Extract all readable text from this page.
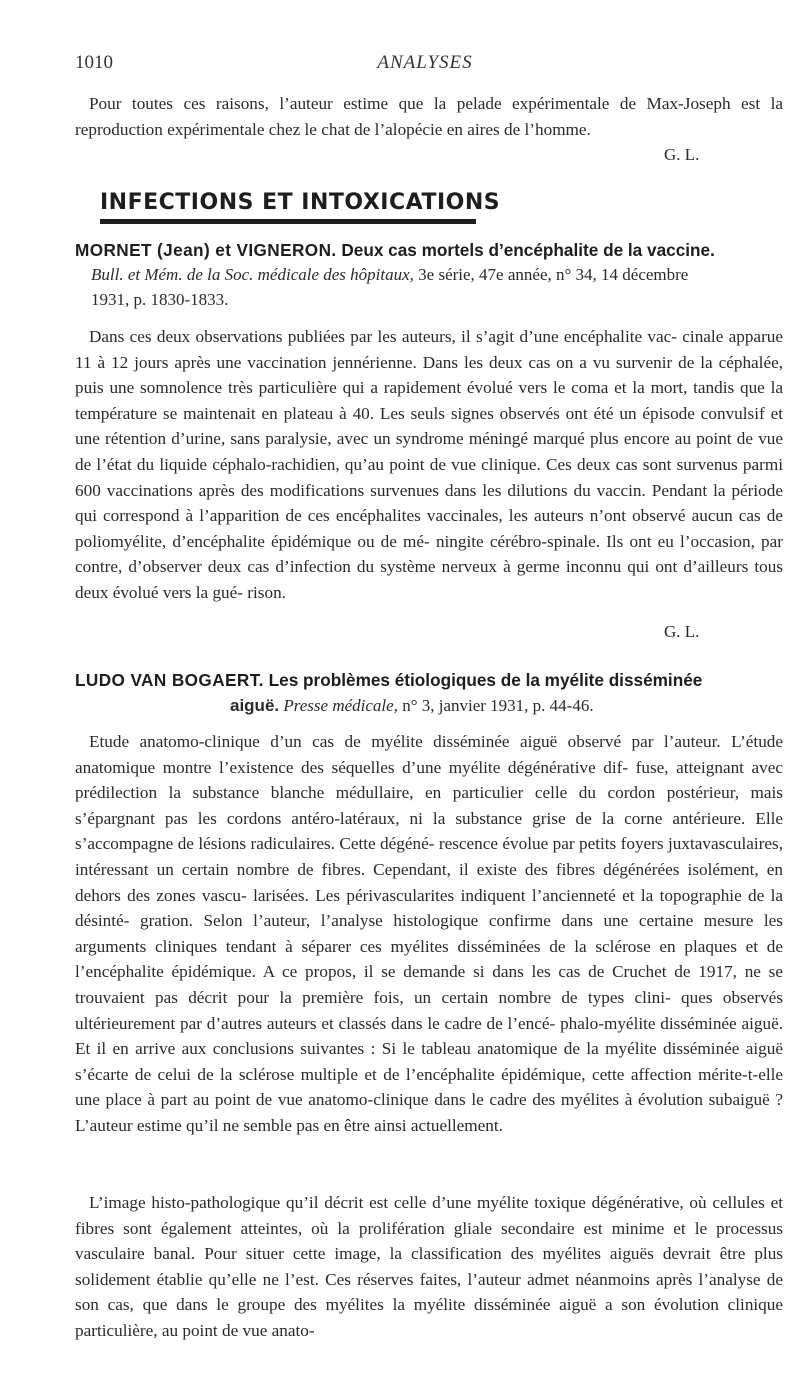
1010	ANALYSES

Pour toutes ces raisons, l’auteur estime que la pelade expérimentale de Max-Joseph est la reproduction expérimentale chez le chat de l’alopécie en aires de l’homme.

G. L.
INFECTIONS ET INTOXICATIONS

MORNET (Jean) et VIGNERON. Deux cas mortels d’encéphalite de la vaccine.

Bull. et Mém. de la Soc. médicale des hôpitaux, 3e série, 47e année, n° 34, 14 décembre

1931, p. 1830-1833.

Dans ces deux observations publiées par les auteurs, il s’agit d’une encéphalite vac- cinale apparue 11 à 12 jours après une vaccination jennérienne. Dans les deux cas on a vu survenir de la céphalée, puis une somnolence très particulière qui a rapidement évolué vers le coma et la mort, tandis que la température se maintenait en plateau à 40. Les seuls signes observés ont été un épisode convulsif et une rétention d’urine, sans paralysie, avec un syndrome méningé marqué plus encore au point de vue de l’état du liquide céphalo-rachidien, qu’au point de vue clinique. Ces deux cas sont survenus parmi 600 vaccinations après des modifications survenues dans les dilutions du vaccin. Pendant la période qui correspond à l’apparition de ces encéphalites vaccinales, les auteurs n’ont observé aucun cas de poliomyélite, d’encéphalite épidémique ou de mé- ningite cérébro-spinale. Ils ont eu l’occasion, par contre, d’observer deux cas d’infection du système nerveux à germe inconnu qui ont d’ailleurs tous deux évolué vers la gué- rison.

G. L.

LUDO VAN BOGAERT. Les problèmes étiologiques de la myélite disséminée

aiguë. Presse médicale, n° 3, janvier 1931, p. 44-46.

Etude anatomo-clinique d’un cas de myélite disséminée aiguë observé par l’auteur. L’étude anatomique montre l’existence des séquelles d’une myélite dégénérative dif- fuse, atteignant avec prédilection la substance blanche médullaire, en particulier celle du cordon postérieur, mais s’épargnant pas les cordons antéro-latéraux, ni la substance grise de la corne antérieure. Elle s’accompagne de lésions radiculaires. Cette dégéné- rescence évolue par petits foyers juxtavasculaires, intéressant un certain nombre de fibres. Cependant, il existe des fibres dégénérées isolément, en dehors des zones vascu- larisées. Les périvascularites indiquent l’ancienneté et la topographie de la désinté- gration. Selon l’auteur, l’analyse histologique confirme dans une certaine mesure les arguments cliniques tendant à séparer ces myélites disséminées de la sclérose en plaques et de l’encéphalite épidémique. A ce propos, il se demande si dans les cas de Cruchet de 1917, ne se trouvaient pas décrit pour la première fois, un certain nombre de types clini- ques observés ultérieurement par d’autres auteurs et classés dans le cadre de l’encé- phalo-myélite disséminée aiguë. Et il en arrive aux conclusions suivantes : Si le tableau anatomique de la myélite disséminée aiguë s’écarte de celui de la sclérose multiple et de l’encéphalite épidémique, cette affection mérite-t-elle une place à part au point de vue anatomo-clinique dans le cadre des myélites à évolution subaiguë ? L’auteur estime qu’il ne semble pas en être ainsi actuellement.

L’image histo-pathologique qu’il décrit est celle d’une myélite toxique dégénérative, où cellules et fibres sont également atteintes, où la prolifération gliale secondaire est minime et le processus vasculaire banal. Pour situer cette image, la classification des myélites aiguës devrait être plus solidement établie qu’elle ne l’est. Ces réserves faites, l’auteur admet néanmoins après l’analyse de son cas, que dans le groupe des myélites la myélite disséminée aiguë a son évolution clinique particulière, au point de vue anato-
